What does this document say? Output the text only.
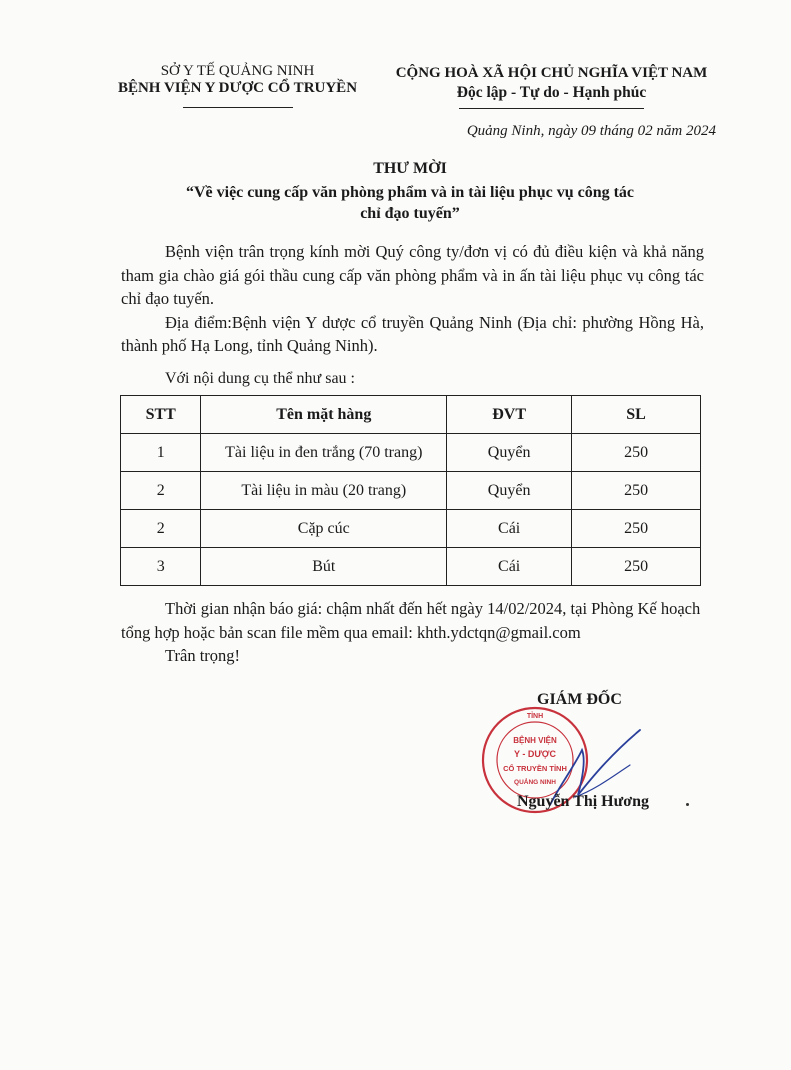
SỞ Y TẾ QUẢNG NINH
BỆNH VIỆN Y DƯỢC CỔ TRUYỀN
CỘNG HOÀ XÃ HỘI CHỦ NGHĨA VIỆT NAM
Độc lập - Tự do - Hạnh phúc
Quảng Ninh, ngày 09 tháng 02 năm 2024
THƯ MỜI
“Về việc cung cấp văn phòng phẩm và in tài liệu phục vụ công tác
chỉ đạo tuyến”

Bệnh viện trân trọng kính mời Quý công ty/đơn vị có đủ điều kiện và khả năng tham gia chào giá gói thầu cung cấp văn phòng phẩm và in ấn tài liệu phục vụ công tác chỉ đạo tuyến.

Địa điểm:Bệnh viện Y dược cổ truyền Quảng Ninh (Địa chỉ: phường Hồng Hà, thành phố Hạ Long, tỉnh Quảng Ninh).

Với nội dung cụ thể như sau :
STT	Tên mặt hàng	ĐVT	SL
1	Tài liệu in đen trắng (70 trang)	Quyển	250
2	Tài liệu in màu (20 trang)	Quyển	250
2	Cặp cúc	Cái	250
3	Bút	Cái	250

Thời gian nhận báo giá: chậm nhất đến hết ngày 14/02/2024, tại Phòng Kế hoạch tổng hợp hoặc bản scan file mềm qua email: khth.ydctqn@gmail.com

Trân trọng!

GIÁM ĐỐC
TỈNH
BỆNH VIỆN
Y - DƯỢC
CỔ TRUYỀN TỈNH
QUẢNG NINH
Nguyễn Thị Hương
